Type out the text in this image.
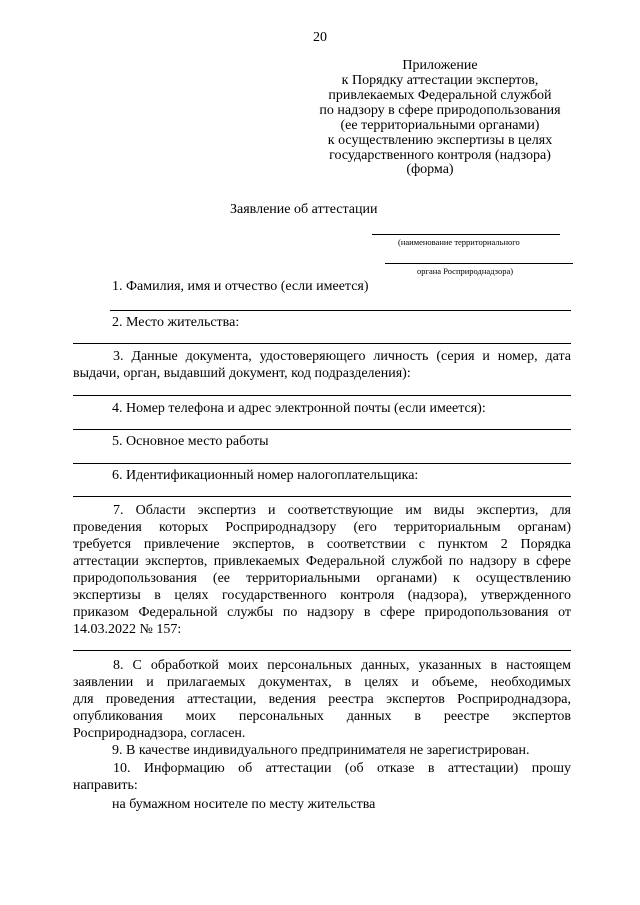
20
Приложение
к Порядку аттестации экспертов,
привлекаемых Федеральной службой
по надзору в сфере природопользования
(ее территориальными органами)
к осуществлению экспертизы в целях
государственного контроля (надзора)
(форма)
Заявление об аттестации
(наименование территориального
органа Росприроднадзора)
1. Фамилия, имя и отчество (если имеется)
2. Место жительства:
3. Данные документа, удостоверяющего личность (серия и номер, дата
выдачи, орган, выдавший документ, код подразделения):
4. Номер телефона и адрес электронной почты (если имеется):
5. Основное место работы
6. Идентификационный номер налогоплательщика:
7. Области экспертиз и соответствующие им виды экспертиз, для
проведения которых Росприроднадзору (его территориальным органам)
требуется привлечение экспертов, в соответствии с пунктом 2 Порядка
аттестации экспертов, привлекаемых Федеральной службой по надзору в сфере
природопользования (ее территориальными органами) к осуществлению
экспертизы в целях государственного контроля (надзора), утвержденного
приказом Федеральной службы по надзору в сфере природопользования от
14.03.2022 № 157:
8. С обработкой моих персональных данных, указанных в настоящем
заявлении и прилагаемых документах, в целях и объеме, необходимых
для проведения аттестации, ведения реестра экспертов Росприроднадзора,
опубликования моих персональных данных в реестре экспертов
Росприроднадзора, согласен.
9. В качестве индивидуального предпринимателя не зарегистрирован.
10. Информацию об аттестации (об отказе в аттестации) прошу
направить:
на бумажном носителе по месту жительства
